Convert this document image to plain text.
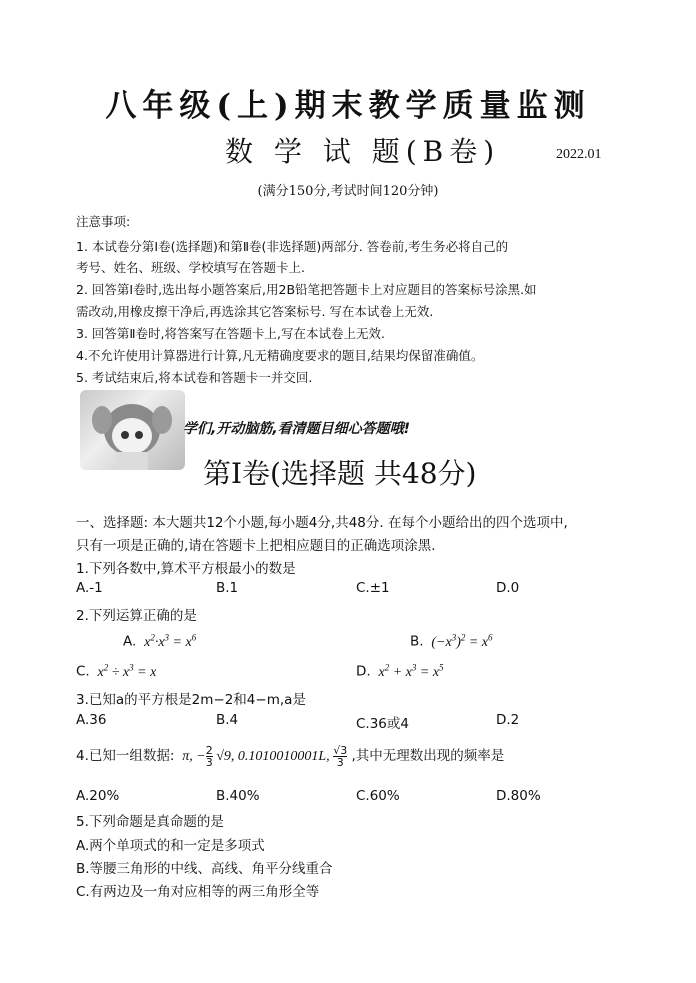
八年级(上)期末教学质量监测
数 学 试 题(B卷)	2022.01
(满分150分,考试时间120分钟)
注意事项:
1. 本试卷分第Ⅰ卷(选择题)和第Ⅱ卷(非选择题)两部分. 答卷前,考生务必将自己的
考号、姓名、班级、学校填写在答题卡上.
2. 回答第Ⅰ卷时,选出每小题答案后,用2B铅笔把答题卡上对应题目的答案标号涂黑.如
需改动,用橡皮擦干净后,再选涂其它答案标号. 写在本试卷上无效.
3. 回答第Ⅱ卷时,将答案写在答题卡上,写在本试卷上无效.
4.不允许使用计算器进行计算,凡无精确度要求的题目,结果均保留准确值。
5. 考试结束后,将本试卷和答题卡一并交回.
学们,开动脑筋,看清题目细心答题哦!
第Ⅰ卷(选择题 共48分)
一、选择题: 本大题共12个小题,每小题4分,共48分. 在每个小题给出的四个选项中,
只有一项是正确的,请在答题卡上把相应题目的正确选项涂黑.
1.下列各数中,算术平方根最小的数是
A.-1	B.1	C.±1	D.0
2.下列运算正确的是
A.  $x^2\cdot x^3 = x^6$	B.  $(-x^3)^2 = x^6$
C.  $x^2 \div x^3 = x$	D.  $x^2 + x^3 = x^5$
3.已知a的平方根是2m−2和4−m,a是
A.36	B.4	C.36或4	D.2
4.已知一组数据:  π, − $\frac{2}{3} √9$, 0.1010010001L, $\frac{√3}{3}$ ,其中无理数出现的频率是
A.20%	B.40%	C.60%	D.80%
5.下列命题是真命题的是
A.两个单项式的和一定是多项式
B.等腰三角形的中线、高线、角平分线重合
C.有两边及一角对应相等的两三角形全等
